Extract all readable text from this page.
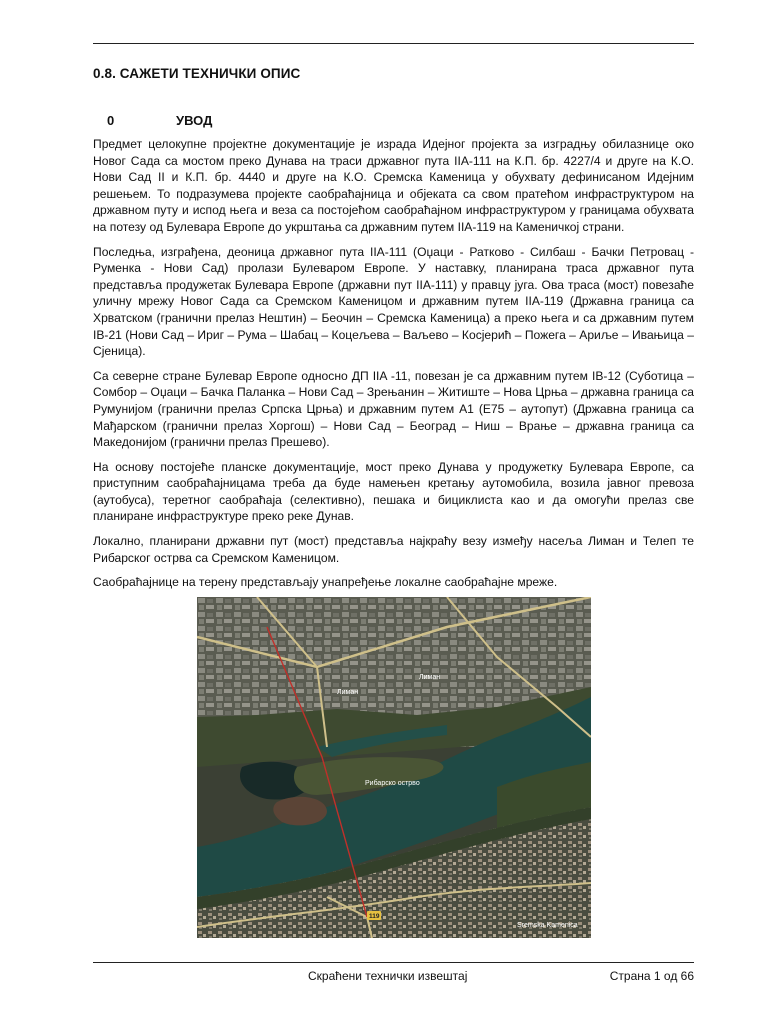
0.8. САЖЕТИ ТЕХНИЧКИ ОПИС
0	УВОД

Предмет целокупне пројектне документације је израда Идејног пројекта за изградњу обилазнице око Новог Сада са мостом преко Дунава на траси државног пута IIA-111 на К.П. бр. 4227/4 и друге на К.О. Нови Сад II и К.П. бр. 4440 и друге на К.О. Сремска Каменица у обухвату дефинисаном Идејним решењем. То подразумева пројекте саобраћајница и објеката са свом пратећом инфраструктуром на државном путу и испод њега и веза са постојећом саобраћајном инфраструктуром у границама обухвата на потезу од Булевара Европе до укрштања са државним путем IIA-119 на Каменичкој страни.

Последња, изграђена, деоница државног пута IIA-111 (Оџаци - Ратково - Силбаш - Бачки Петровац - Руменка - Нови Сад) пролази Булеваром Европе. У наставку, планирана траса државног пута представља продужетак Булевара Европе (државни пут IIA-111) у правцу југа. Ова траса (мост) повезаће уличну мрежу Новог Сада са Сремском Каменицом и државним путем IIA-119 (Државна граница са Хрватском (гранични прелаз Нештин) – Беочин – Сремска Каменица) а преко њега и са државним путем IB-21 (Нови Сад – Ириг – Рума – Шабац – Коцељева – Ваљево – Косјерић – Пожега – Ариље – Ивањица – Сјеница).

Са северне стране Булевар Европе односно ДП IIA -11, повезан је са државним путем IB-12 (Суботица – Сомбор – Оџаци – Бачка Паланка – Нови Сад – Зрењанин – Житиште – Нова Црња – државна граница са Румунијом (гранични прелаз Српска Црња) и државним путем А1 (Е75 – аутопут) (Државна граница са Мађарском (гранични прелаз Хоргош) – Нови Сад – Београд – Ниш – Врање – државна граница са Македонијом (гранични прелаз Прешево).

На основу постојеће планске документације, мост преко Дунава у продужетку Булевара Европе, са приступним саобраћајницама треба да буде намењен кретању аутомобила, возила јавног превоза (аутобуса), теретног саобраћаја (селективно), пешака и бициклиста као и да омогући прелаз све планиране инфраструктуре преко реке Дунав.

Локално, планирани државни пут (мост) представља најкраћу везу између насеља Лиман и Телеп те Рибарског острва са Сремском Каменицом.

Саобраћајнице на терену представљају унапређење локалне саобраћајне мреже.

Лиман
Лиман
Рибарско острво
Sremska Kamenica
119
Скраћени технички извештај	Страна 1 од 66
